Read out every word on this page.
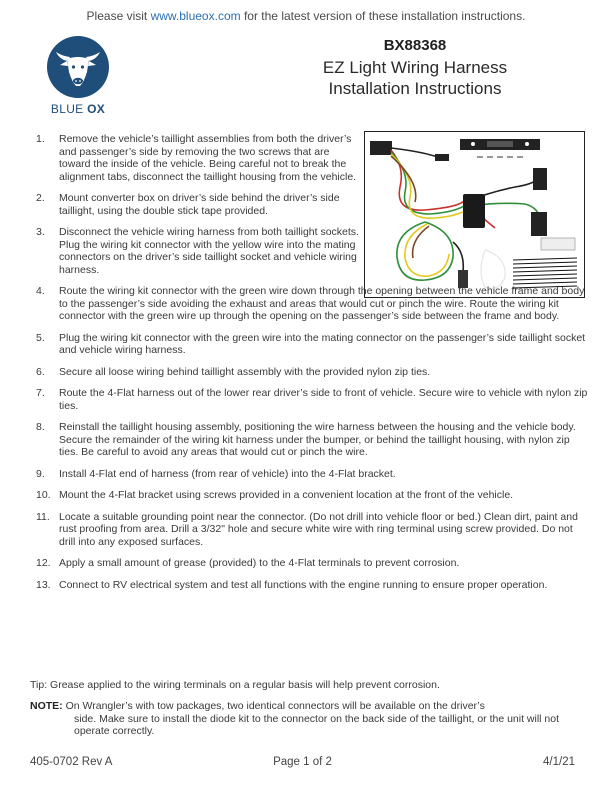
Please visit www.blueox.com for the latest version of these installation instructions.
BLUE OX
BX88368
EZ Light Wiring Harness
Installation Instructions
1. Remove the vehicle’s taillight assemblies from both the driver’s and passenger’s side by removing the two screws that are toward the inside of the vehicle. Being careful not to break the alignment tabs, disconnect the taillight housing from the vehicle.
2. Mount converter box on driver’s side behind the driver’s side taillight, using the double stick tape provided.
3. Disconnect the vehicle wiring harness from both taillight sockets. Plug the wiring kit connector with the yellow wire into the mating connectors on the driver’s side taillight socket and vehicle wiring harness.
4. Route the wiring kit connector with the green wire down through the opening between the vehicle frame and body to the passenger’s side avoiding the exhaust and areas that would cut or pinch the wire. Route the wiring kit connector with the green wire up through the opening on the passenger’s side between the frame and body.
5. Plug the wiring kit connector with the green wire into the mating connector on the passenger’s side taillight socket and vehicle wiring harness.
6. Secure all loose wiring behind taillight assembly with the provided nylon zip ties.
7. Route the 4-Flat harness out of the lower rear driver’s side to front of vehicle. Secure wire to vehicle with nylon zip ties.
8. Reinstall the taillight housing assembly, positioning the wire harness between the housing and the vehicle body. Secure the remainder of the wiring kit harness under the bumper, or behind the taillight housing, with nylon zip ties. Be careful to avoid any areas that would cut or pinch the wire.
9. Install 4-Flat end of harness (from rear of vehicle) into the 4-Flat bracket.
10. Mount the 4-Flat bracket using screws provided in a convenient location at the front of the vehicle.
11. Locate a suitable grounding point near the connector. (Do not drill into vehicle floor or bed.) Clean dirt, paint and rust proofing from area. Drill a 3/32" hole and secure white wire with ring terminal using screw provided. Do not drill into any exposed surfaces.
12. Apply a small amount of grease (provided) to the 4-Flat terminals to prevent corrosion.
13. Connect to RV electrical system and test all functions with the engine running to ensure proper operation.
Tip: Grease applied to the wiring terminals on a regular basis will help prevent corrosion.
NOTE: On Wrangler’s with tow packages, two identical connectors will be available on the driver’s
side. Make sure to install the diode kit to the connector on the back side of the taillight, or the unit will not operate correctly.
405-0702 Rev A	Page 1 of 2	4/1/21
